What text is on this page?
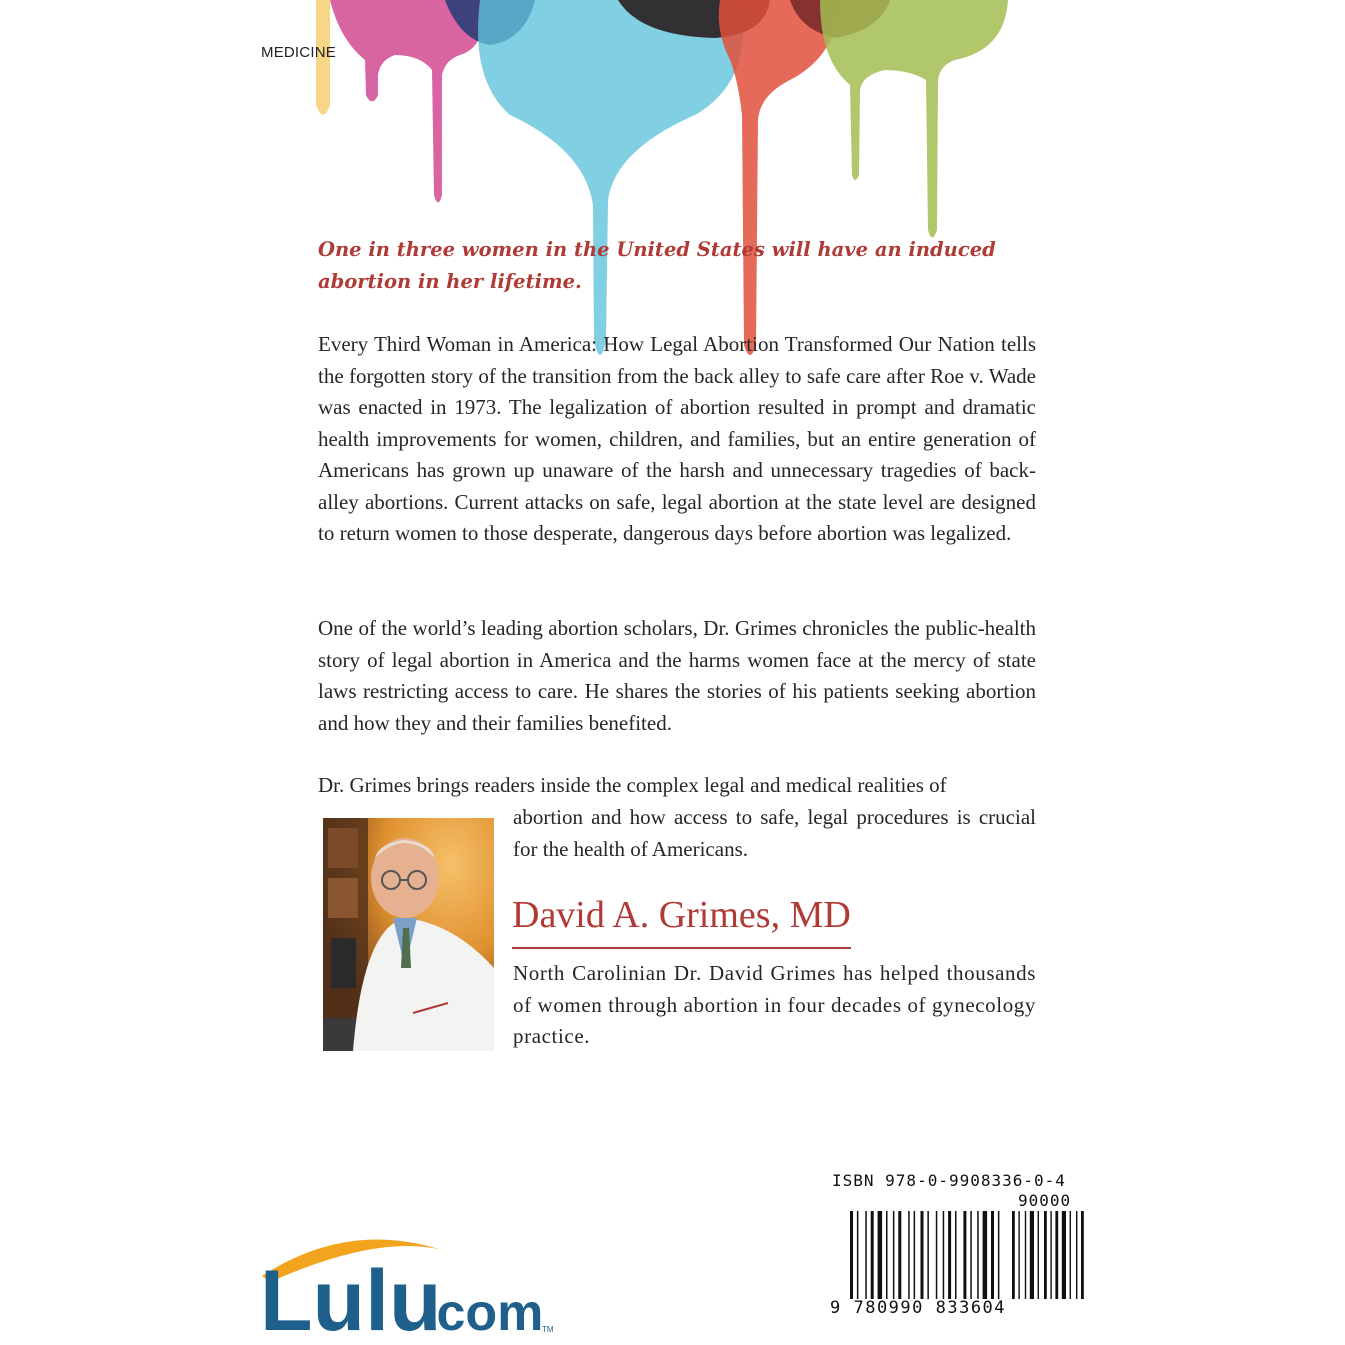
MEDICINE
One in three women in the United States will have an induced abortion in her lifetime.

Every Third Woman in America: How Legal Abortion Transformed Our Nation tells the forgotten story of the transition from the back alley to safe care after Roe v. Wade was enacted in 1973. The legalization of abortion resulted in prompt and dramatic health improvements for women, children, and families, but an entire generation of Americans has grown up unaware of the harsh and unnecessary tragedies of back-alley abortions. Current attacks on safe, legal abortion at the state level are designed to return women to those desperate, dangerous days before abortion was legalized.

One of the world’s leading abortion scholars, Dr. Grimes chronicles the public-health story of legal abortion in America and the harms women face at the mercy of state laws restricting access to care. He shares the stories of his patients seeking abortion and how they and their families benefited.

Dr. Grimes brings readers inside the complex legal and medical realities of

abortion and how access to safe, legal procedures is crucial for the health of Americans.

David A. Grimes, MD

North Carolinian Dr. David Grimes has helped thousands of women through abortion in four decades of gynecology practice.

Lulu
.com
TM
ISBN 978-0-9908336-0-4
90000
9 780990 833604
